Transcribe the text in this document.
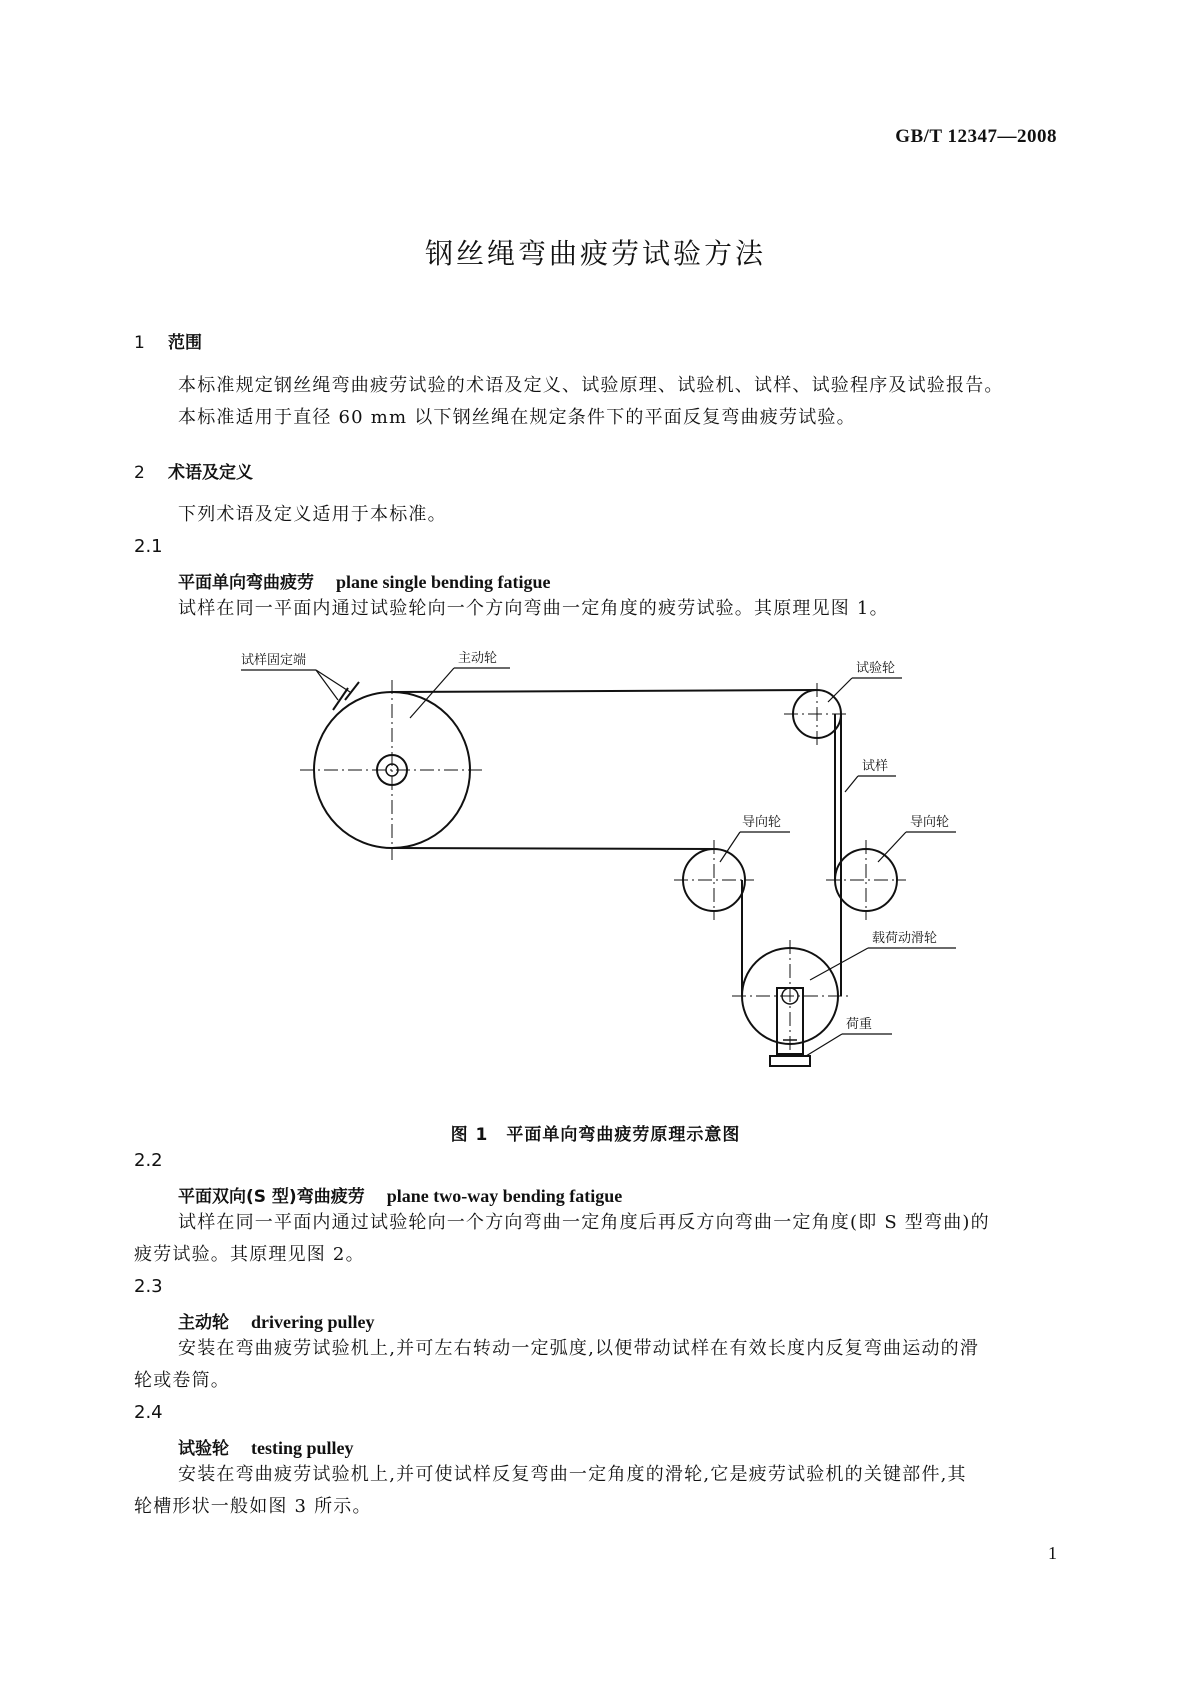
GB/T 12347—2008
钢丝绳弯曲疲劳试验方法
1 范围
本标准规定钢丝绳弯曲疲劳试验的术语及定义、试验原理、试验机、试样、试验程序及试验报告。
本标准适用于直径 60 mm 以下钢丝绳在规定条件下的平面反复弯曲疲劳试验。
2 术语及定义
下列术语及定义适用于本标准。
2.1
平面单向弯曲疲劳 plane single bending fatigue
试样在同一平面内通过试验轮向一个方向弯曲一定角度的疲劳试验。其原理见图 1。
试样固定端	主动轮
试验轮
试样
导向轮	导向轮
载荷动滑轮
荷重
图 1　平面单向弯曲疲劳原理示意图
2.2
平面双向(S 型)弯曲疲劳 plane two-way bending fatigue
试样在同一平面内通过试验轮向一个方向弯曲一定角度后再反方向弯曲一定角度(即 S 型弯曲)的
疲劳试验。其原理见图 2。
2.3
主动轮 drivering pulley
安装在弯曲疲劳试验机上,并可左右转动一定弧度,以便带动试样在有效长度内反复弯曲运动的滑
轮或卷筒。
2.4
试验轮 testing pulley
安装在弯曲疲劳试验机上,并可使试样反复弯曲一定角度的滑轮,它是疲劳试验机的关键部件,其
轮槽形状一般如图 3 所示。
1
